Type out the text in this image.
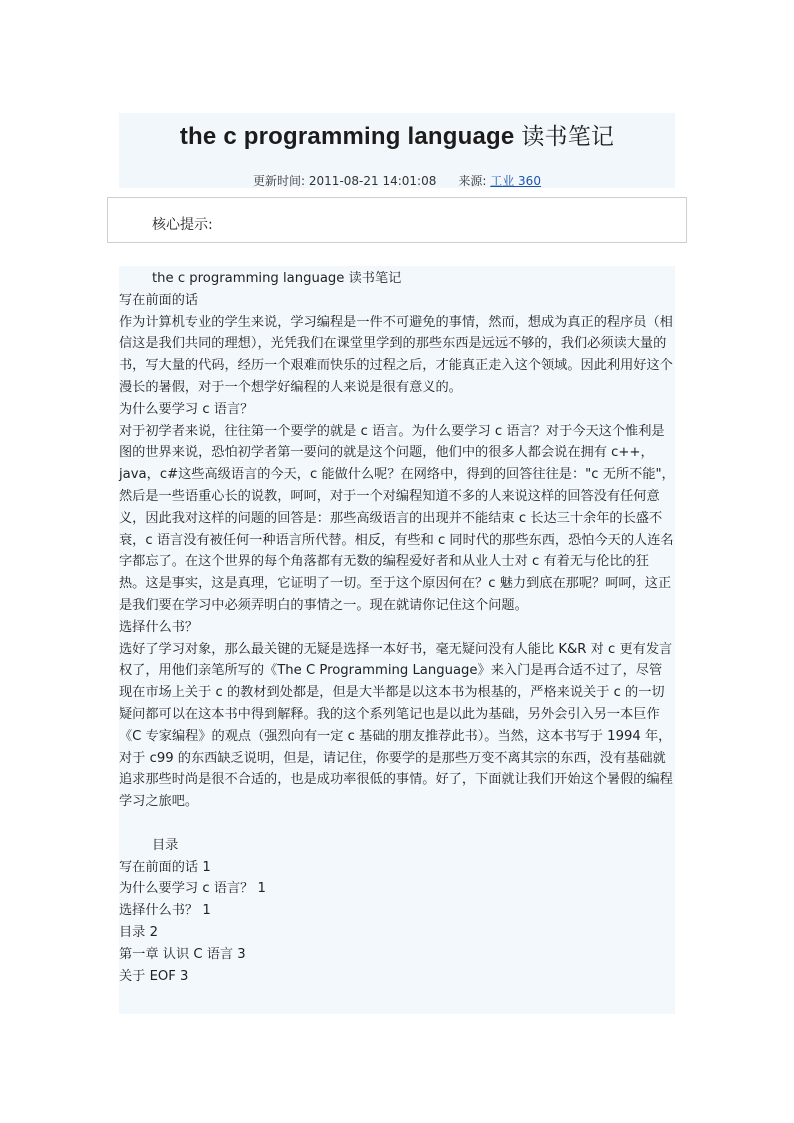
the c programming language 读书笔记
更新时间: 2011-08-21 14:01:08 来源: 工业 360
核心提示:

the c programming language 读书笔记

写在前面的话

作为计算机专业的学生来说，学习编程是一件不可避免的事情，然而，想成为真正的程序员（相信这是我们共同的理想），光凭我们在课堂里学到的那些东西是远远不够的，我们必须读大量的书，写大量的代码，经历一个艰难而快乐的过程之后，才能真正走入这个领域。因此利用好这个漫长的暑假，对于一个想学好编程的人来说是很有意义的。

为什么要学习 c 语言？

对于初学者来说，往往第一个要学的就是 c 语言。为什么要学习 c 语言？对于今天这个惟利是图的世界来说，恐怕初学者第一要问的就是这个问题，他们中的很多人都会说在拥有 c++，java，c#这些高级语言的今天，c 能做什么呢？在网络中，得到的回答往往是："c 无所不能"，然后是一些语重心长的说教，呵呵，对于一个对编程知道不多的人来说这样的回答没有任何意义，因此我对这样的问题的回答是：那些高级语言的出现并不能结束 c 长达三十余年的长盛不衰，c 语言没有被任何一种语言所代替。相反，有些和 c 同时代的那些东西，恐怕今天的人连名字都忘了。在这个世界的每个角落都有无数的编程爱好者和从业人士对 c 有着无与伦比的狂热。这是事实，这是真理，它证明了一切。至于这个原因何在？c 魅力到底在那呢？呵呵，这正是我们要在学习中必须弄明白的事情之一。现在就请你记住这个问题。

选择什么书？

选好了学习对象，那么最关键的无疑是选择一本好书，毫无疑问没有人能比 K&R 对 c 更有发言权了，用他们亲笔所写的《The C Programming Language》来入门是再合适不过了，尽管现在市场上关于 c 的教材到处都是，但是大半都是以这本书为根基的，严格来说关于 c 的一切疑问都可以在这本书中得到解释。我的这个系列笔记也是以此为基础，另外会引入另一本巨作《C 专家编程》的观点（强烈向有一定 c 基础的朋友推荐此书）。当然，这本书写于 1994 年，对于 c99 的东西缺乏说明，但是，请记住，你要学的是那些万变不离其宗的东西，没有基础就追求那些时尚是很不合适的，也是成功率很低的事情。好了，下面就让我们开始这个暑假的编程学习之旅吧。

目录

写在前面的话 1

为什么要学习 c 语言？ 1

选择什么书？ 1

目录 2

第一章 认识 C 语言 3

关于 EOF 3
